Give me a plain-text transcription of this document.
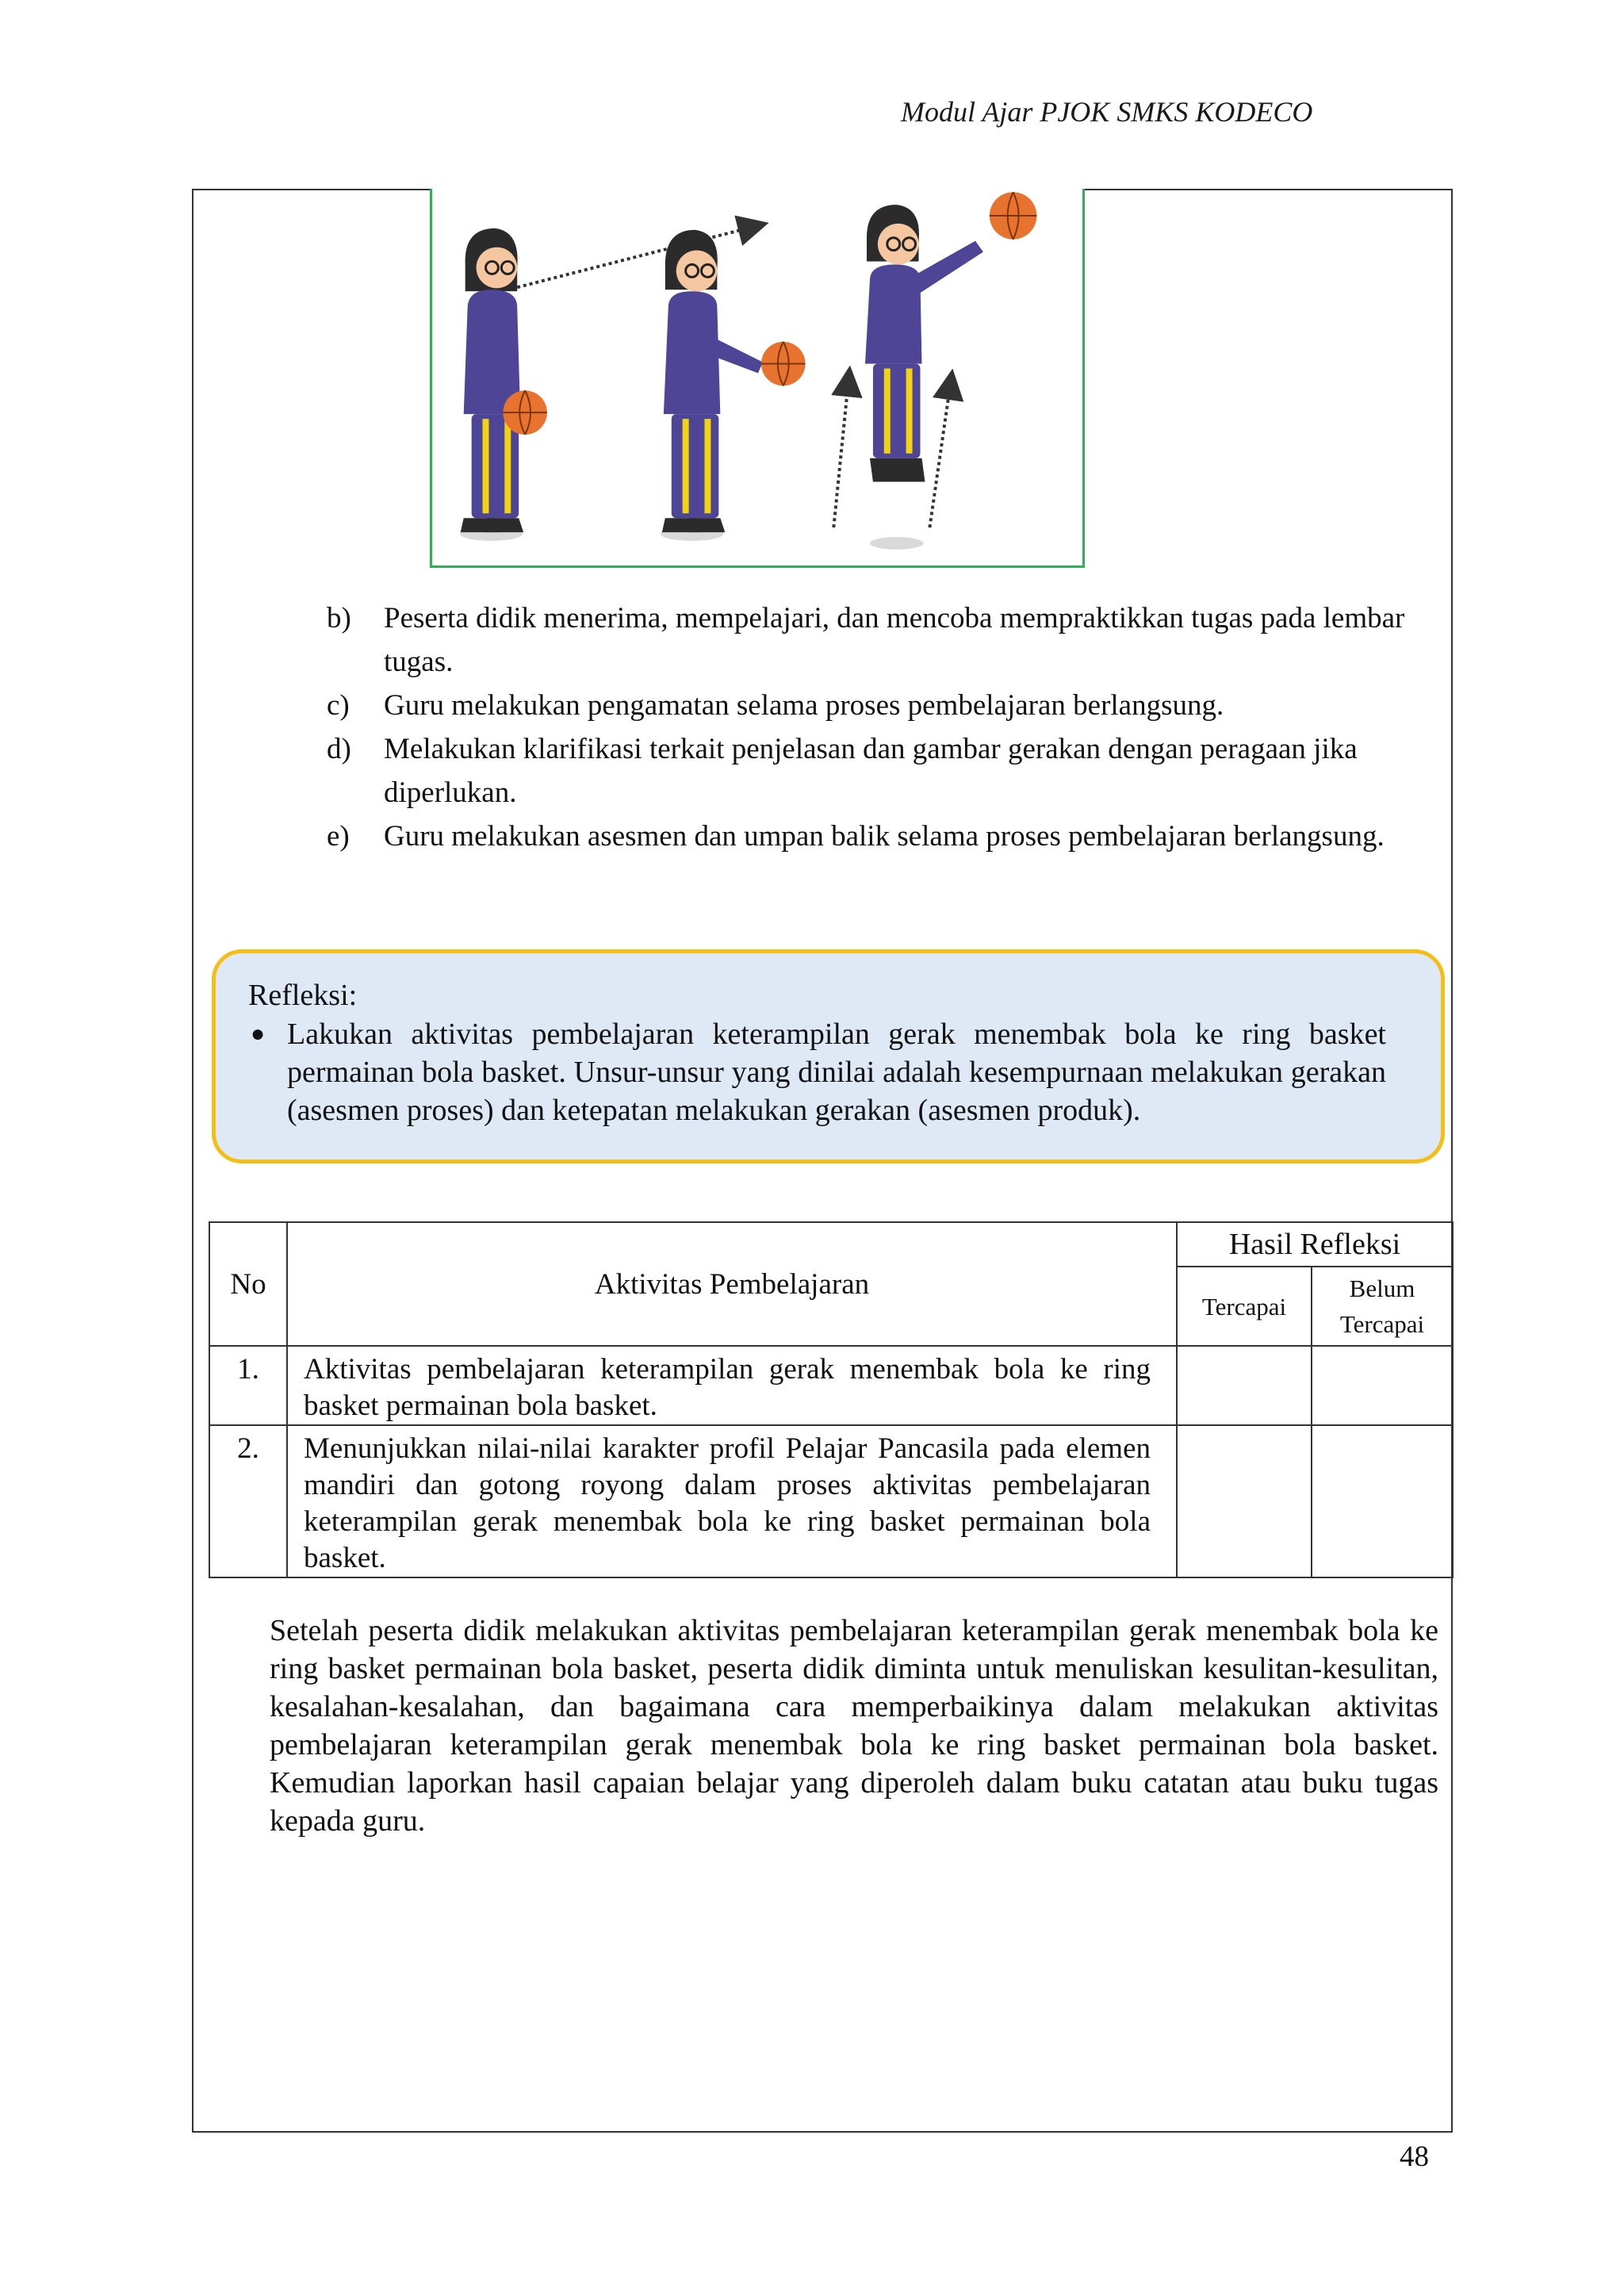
Modul Ajar PJOK SMKS KODECO
b)	Peserta didik menerima, mempelajari, dan mencoba mempraktikkan tugas pada lembar tugas.
c)	Guru melakukan pengamatan selama proses pembelajaran berlangsung.
d)	Melakukan klarifikasi terkait penjelasan dan gambar gerakan dengan peragaan jika diperlukan.
e)	Guru melakukan asesmen dan umpan balik selama proses pembelajaran berlangsung.
Refleksi:
● Lakukan aktivitas pembelajaran keterampilan gerak menembak bola ke ring basket permainan bola basket. Unsur-unsur yang dinilai adalah kesempurnaan melakukan gerakan (asesmen proses) dan ketepatan melakukan gerakan (asesmen produk).
	No	Aktivitas Pembelajaran	Hasil Refleksi	
			Tercapai	Belum Tercapai
	1.	Aktivitas pembelajaran keterampilan gerak menembak bola ke ring basket permainan bola basket.		
	2.	Menunjukkan nilai-nilai karakter profil Pelajar Pancasila pada elemen mandiri dan gotong royong dalam proses aktivitas pembelajaran keterampilan gerak menembak bola ke ring basket permainan bola basket.		

Setelah peserta didik melakukan aktivitas pembelajaran keterampilan gerak menembak bola ke ring basket permainan bola basket, peserta didik diminta untuk menuliskan kesulitan-kesulitan, kesalahan-kesalahan, dan bagaimana cara memperbaikinya dalam melakukan aktivitas pembelajaran keterampilan gerak menembak bola ke ring basket permainan bola basket. Kemudian laporkan hasil capaian belajar yang diperoleh dalam buku catatan atau buku tugas kepada guru.

48
